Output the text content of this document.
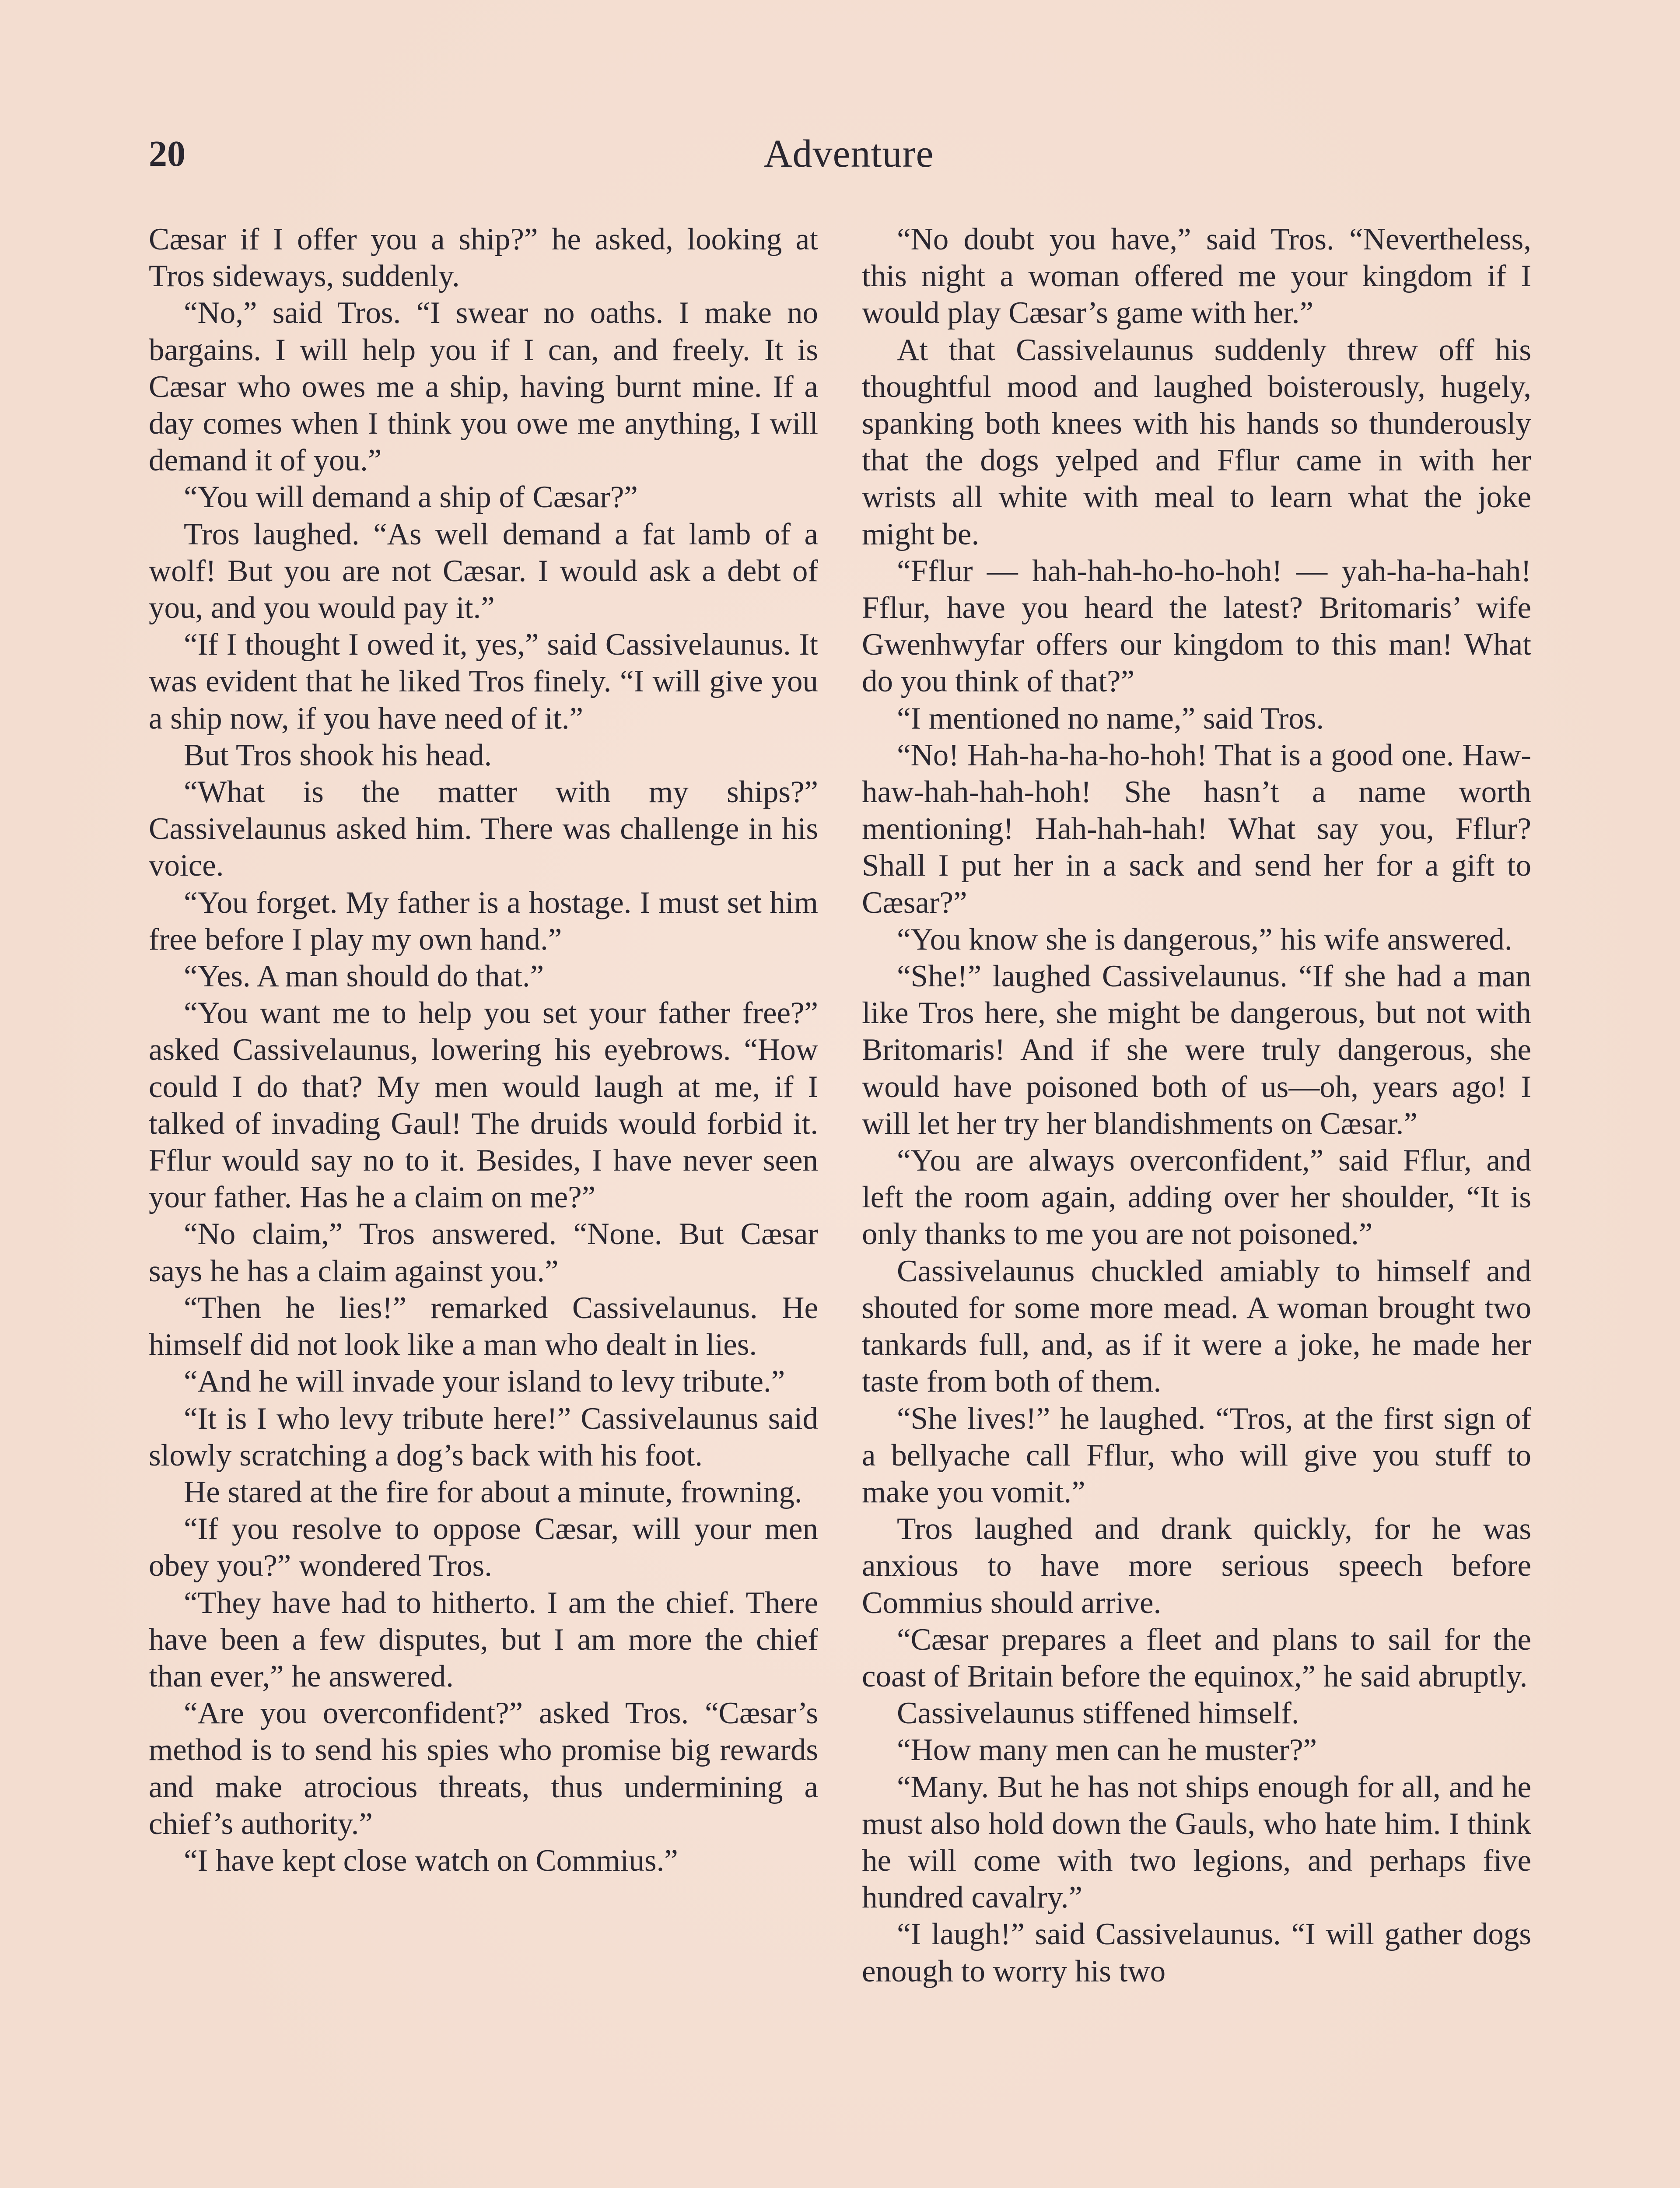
20	Adventure

Cæsar if I offer you a ship?” he asked, looking at Tros sideways, suddenly.

“No,” said Tros. “I swear no oaths. I make no bargains. I will help you if I can, and freely. It is Cæsar who owes me a ship, having burnt mine. If a day comes when I think you owe me anything, I will demand it of you.”

“You will demand a ship of Cæsar?”

Tros laughed. “As well demand a fat lamb of a wolf! But you are not Cæsar. I would ask a debt of you, and you would pay it.”

“If I thought I owed it, yes,” said Cassivelaunus. It was evident that he liked Tros finely. “I will give you a ship now, if you have need of it.”

But Tros shook his head.

“What is the matter with my ships?” Cassivelaunus asked him. There was challenge in his voice.

“You forget. My father is a hostage. I must set him free before I play my own hand.”

“Yes. A man should do that.”

“You want me to help you set your father free?” asked Cassivelaunus, lowering his eyebrows. “How could I do that? My men would laugh at me, if I talked of invading Gaul! The druids would forbid it. Fflur would say no to it. Besides, I have never seen your father. Has he a claim on me?”

“No claim,” Tros answered. “None. But Cæsar says he has a claim against you.”

“Then he lies!” remarked Cassivelaunus. He himself did not look like a man who dealt in lies.

“And he will invade your island to levy tribute.”

“It is I who levy tribute here!” Cassivelaunus said slowly scratching a dog’s back with his foot.

He stared at the fire for about a minute, frowning.

“If you resolve to oppose Cæsar, will your men obey you?” wondered Tros.

“They have had to hitherto. I am the chief. There have been a few disputes, but I am more the chief than ever,” he answered.

“Are you overconfident?” asked Tros. “Cæsar’s method is to send his spies who promise big rewards and make atrocious threats, thus undermining a chief’s authority.”

“I have kept close watch on Commius.”

“No doubt you have,” said Tros. “Nevertheless, this night a woman offered me your kingdom if I would play Cæsar’s game with her.”

At that Cassivelaunus suddenly threw off his thoughtful mood and laughed boisterously, hugely, spanking both knees with his hands so thunderously that the dogs yelped and Fflur came in with her wrists all white with meal to learn what the joke might be.

“Fflur — hah-hah-ho-ho-hoh! — yah-ha-ha-hah! Fflur, have you heard the latest? Britomaris’ wife Gwenhwyfar offers our kingdom to this man! What do you think of that?”

“I mentioned no name,” said Tros.

“No! Hah-ha-ha-ho-hoh! That is a good one. Haw-haw-hah-hah-hoh! She hasn’t a name worth mentioning! Hah-hah-hah! What say you, Fflur? Shall I put her in a sack and send her for a gift to Cæsar?”

“You know she is dangerous,” his wife answered.

“She!” laughed Cassivelaunus. “If she had a man like Tros here, she might be dangerous, but not with Britomaris! And if she were truly dangerous, she would have poisoned both of us—oh, years ago! I will let her try her blandishments on Cæsar.”

“You are always overconfident,” said Fflur, and left the room again, adding over her shoulder, “It is only thanks to me you are not poisoned.”

Cassivelaunus chuckled amiably to himself and shouted for some more mead. A woman brought two tankards full, and, as if it were a joke, he made her taste from both of them.

“She lives!” he laughed. “Tros, at the first sign of a bellyache call Fflur, who will give you stuff to make you vomit.”

Tros laughed and drank quickly, for he was anxious to have more serious speech before Commius should arrive.

“Cæsar prepares a fleet and plans to sail for the coast of Britain before the equinox,” he said abruptly.

Cassivelaunus stiffened himself.

“How many men can he muster?”

“Many. But he has not ships enough for all, and he must also hold down the Gauls, who hate him. I think he will come with two legions, and perhaps five hundred cavalry.”

“I laugh!” said Cassivelaunus. “I will gather dogs enough to worry his two
